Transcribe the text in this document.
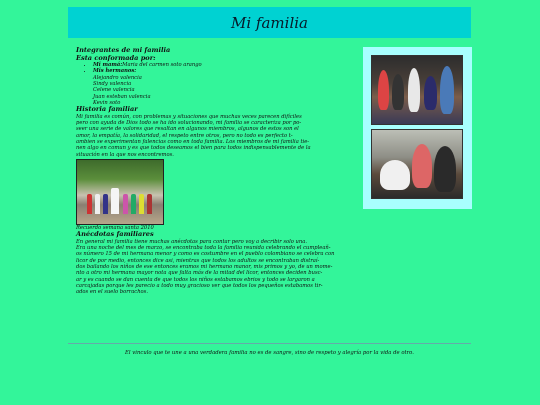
Mi familia
Integrantes de mi familia
Esta conformada por:
• Mi mamá:Maria del carmen soto arango
• Mis hermanos:
Alejandro valencia
Sindy valencia
Celene valencia
Juan esteban valencia
Kevin soto
Historia familiar
Mi familia es común, con problemas y situaciones que muchas veces parecen difíciles
pero con ayuda de Dios todo se ha ido solucionando, mi familia se caracteriza por po-
seer una serie de valores que resaltan en algunos miembros, algunos de estos son el
amor, la empatía, la solidaridad, el respeto entre otros, pero no todo es perfecto t-
ambien se experimentan falencias como en toda familia. Los miembros de mi familia tie-
nen algo en comun y es que todos deseamos el bien para todos indispensablemente de la
situación en la que nos encontremos.
Recuerdo semana santa 2010
Anécdotas familiares
En general mi familia tiene muchas anécdotas para contar pero voy a decribir solo una.
Era una noche del mes de marzo, se encontraba toda la familia reunida celebrando el cumpleañ-
os número 15 de mi hermana menor y como es costumbre en el pueblo colombiano se celebra con
licor de por medio, entonces dice asi, mientras que todos los adultos se encontraban distraí-
dos bailando los niños de ese entonces eramos mi hermano manor, mis primos y yo, de un mome-
nto a otro mi hermana mayor nota que falta más de la mitad del licor, entonces deciden busc-
ar y es cuando se dan cuenta de que todos los niños estabamos ebrios y todo se largaron a
carcajadas porque les parecio a todo muy gracioso ver que todos los pequeños estabamos tir-
ados en el suelo borrachos.
El vinculo que te une a una verdadera familia no es de sangre, sino de respeto y alegría por la vida de otro.
